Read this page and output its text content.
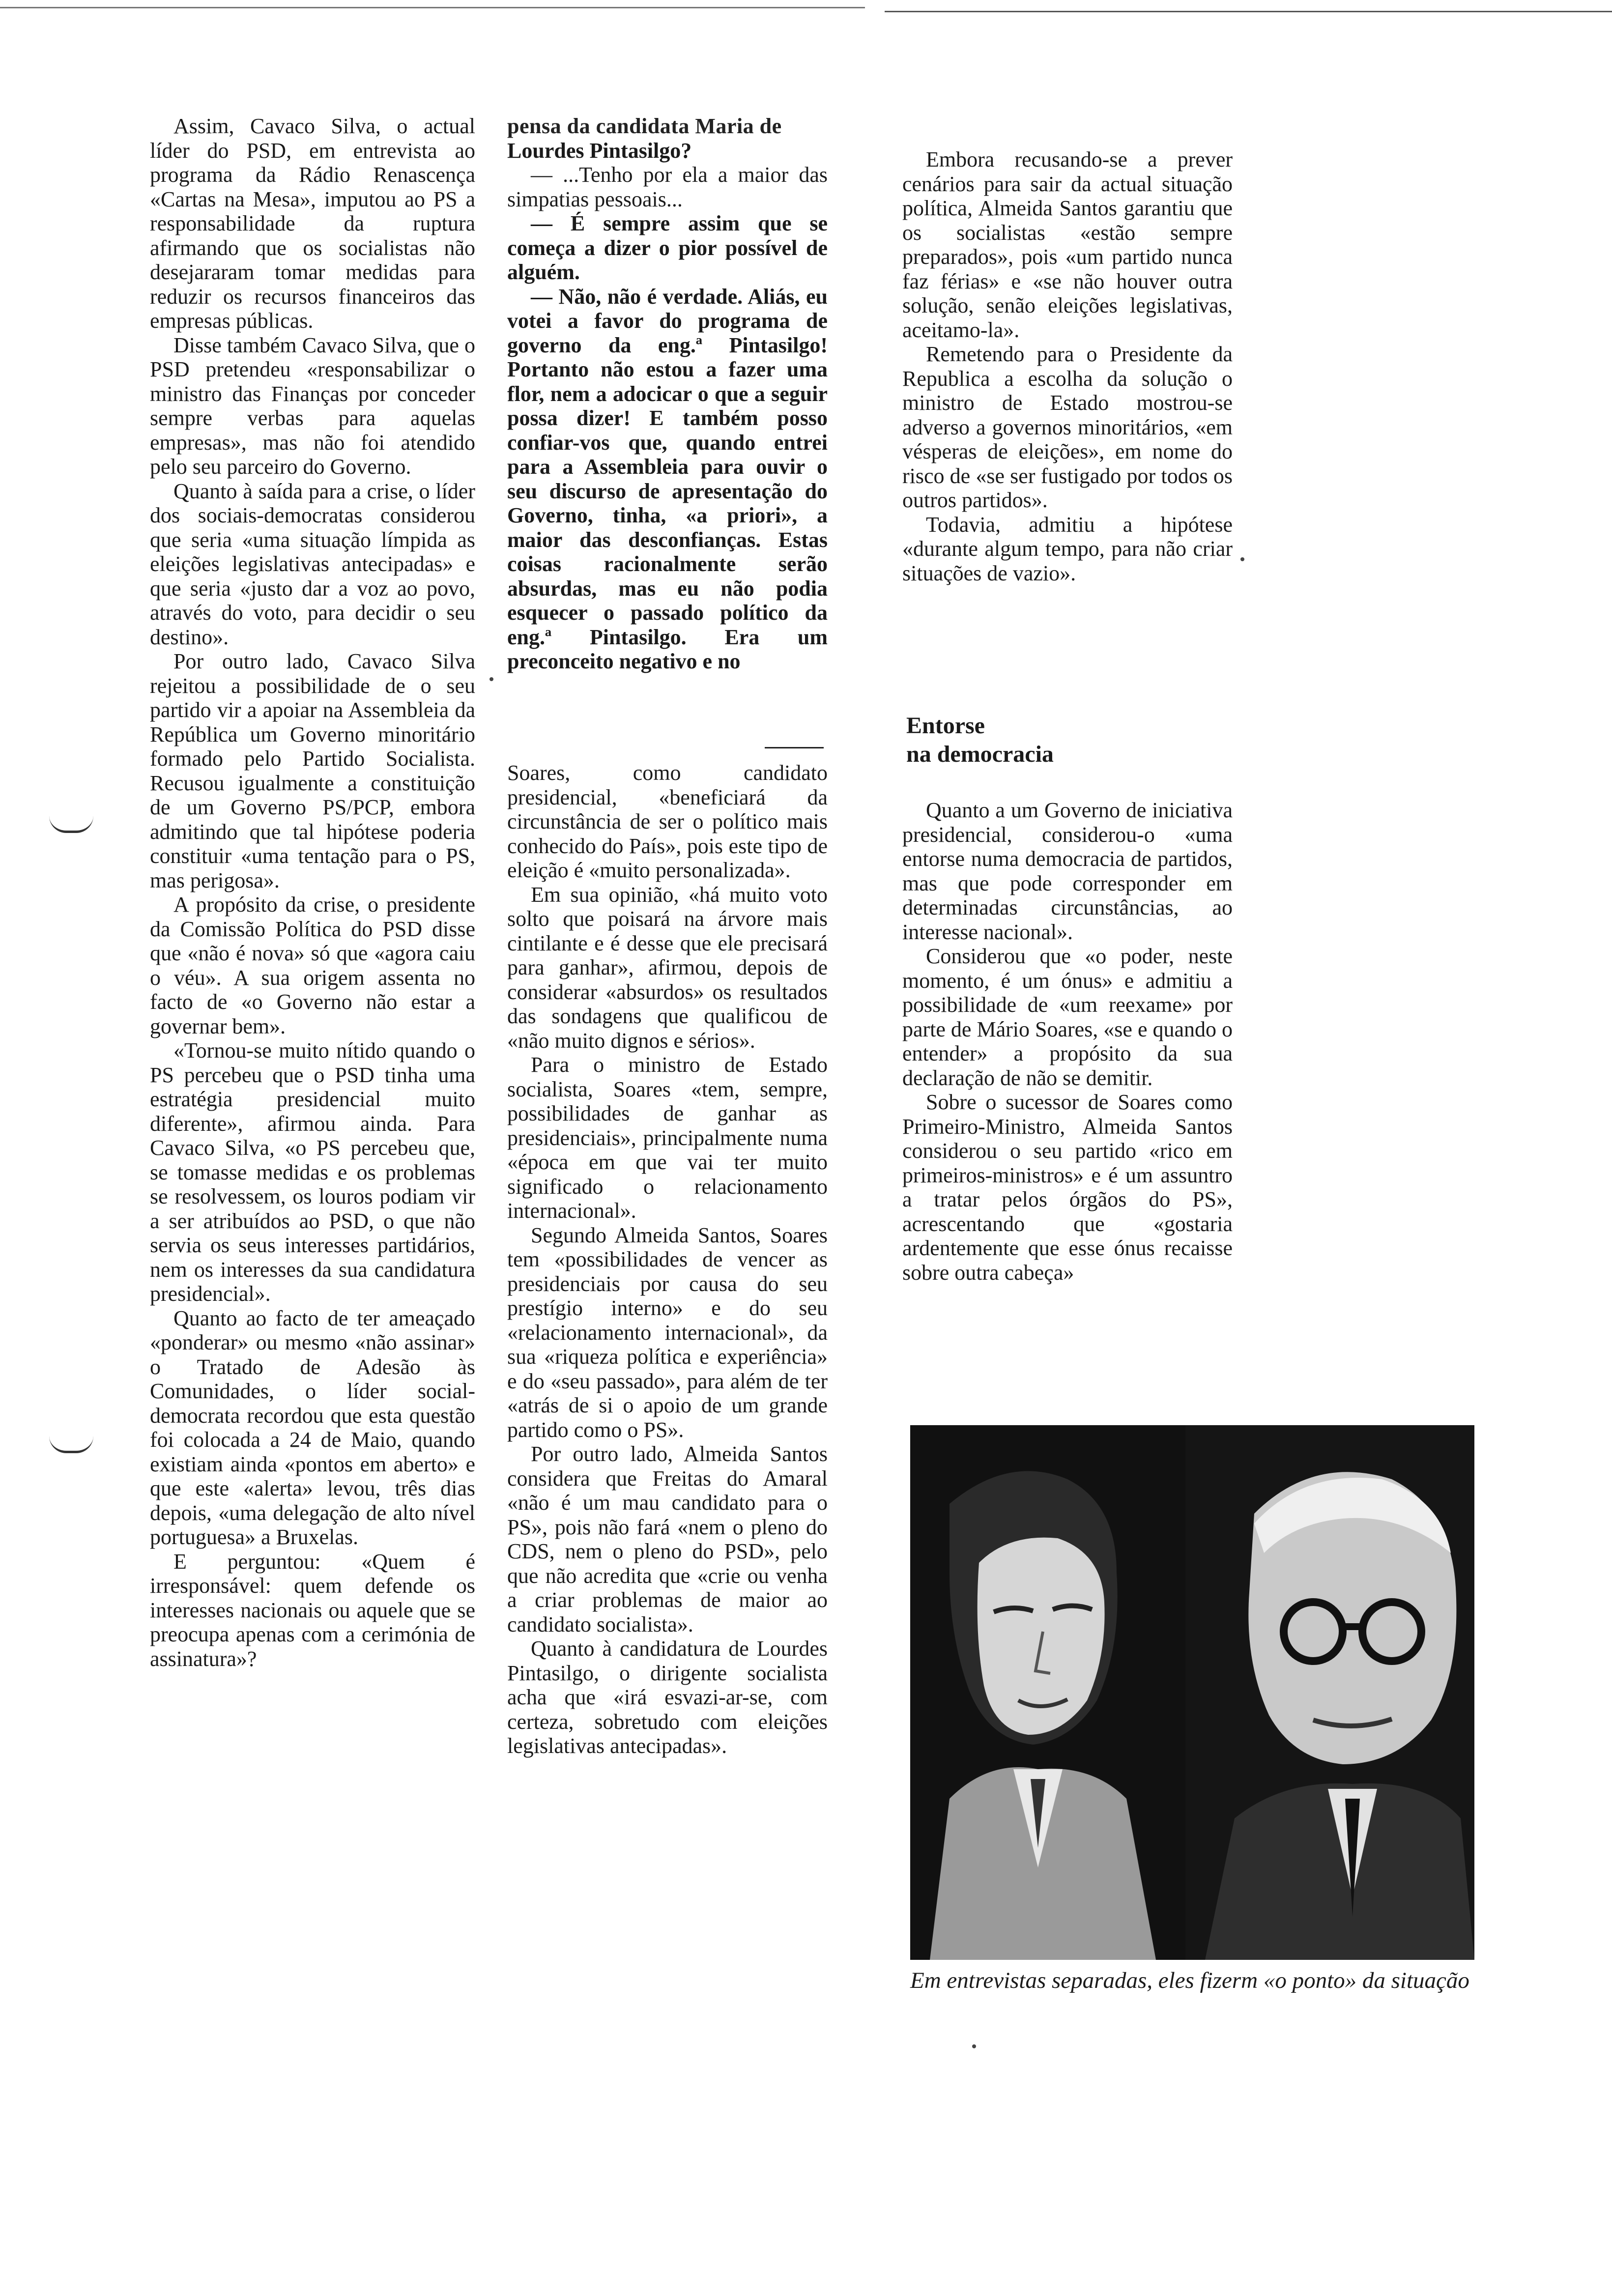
Assim, Cavaco Silva, o actual líder do PSD, em entrevista ao programa da Rádio Renascença «Cartas na Mesa», imputou ao PS a responsabilidade da ruptura afirmando que os socialistas não desejararam tomar medidas para reduzir os recursos financeiros das empresas públicas.

Disse também Cavaco Silva, que o PSD pretendeu «responsabilizar o ministro das Finanças por conceder sempre verbas para aquelas empresas», mas não foi atendido pelo seu parceiro do Governo.

Quanto à saída para a crise, o líder dos sociais-democratas considerou que seria «uma situação límpida as eleições legislativas antecipadas» e que seria «justo dar a voz ao povo, através do voto, para decidir o seu destino».

Por outro lado, Cavaco Silva rejeitou a possibilidade de o seu partido vir a apoiar na Assembleia da República um Governo minoritário formado pelo Partido Socialista. Recusou igualmente a constituição de um Governo PS/PCP, embora admitindo que tal hipótese poderia constituir «uma tentação para o PS, mas perigosa».

A propósito da crise, o presidente da Comissão Política do PSD disse que «não é nova» só que «agora caiu o véu». A sua origem assenta no facto de «o Governo não estar a governar bem».

«Tornou-se muito nítido quando o PS percebeu que o PSD tinha uma estratégia presidencial muito diferente», afirmou ainda. Para Cavaco Silva, «o PS percebeu que, se tomasse medidas e os problemas se resolvessem, os louros podiam vir a ser atribuídos ao PSD, o que não servia os seus interesses partidários, nem os interesses da sua candidatura presidencial».

Quanto ao facto de ter ameaçado «ponderar» ou mesmo «não assinar» o Tratado de Adesão às Comunidades, o líder social-democrata recordou que esta questão foi colocada a 24 de Maio, quando existiam ainda «pontos em aberto» e que este «alerta» levou, três dias depois, «uma delegação de alto nível portuguesa» a Bruxelas.

E perguntou: «Quem é irresponsável: quem defende os interesses nacionais ou aquele que se preocupa apenas com a cerimónia de assinatura»?

pensa da candidata Maria de

Lourdes Pintasilgo?

— ...Tenho por ela a maior das simpatias pessoais...

— É sempre assim que se começa a dizer o pior possível de alguém.

— Não, não é verdade. Aliás, eu votei a favor do programa de governo da eng.ª Pintasilgo! Portanto não estou a fazer uma flor, nem a adocicar o que a seguir possa dizer! E também posso confiar-vos que, quando entrei para a Assembleia para ouvir o seu discurso de apresentação do Governo, tinha, «a priori», a maior das desconfianças. Estas coisas racionalmente serão absurdas, mas eu não podia esquecer o passado político da eng.ª Pintasilgo. Era um preconceito negativo e no

Soares, como candidato presidencial, «beneficiará da circunstância de ser o político mais conhecido do País», pois este tipo de eleição é «muito personalizada».

Em sua opinião, «há muito voto solto que poisará na árvore mais cintilante e é desse que ele precisará para ganhar», afirmou, depois de considerar «absurdos» os resultados das sondagens que qualificou de «não muito dignos e sérios».

Para o ministro de Estado socialista, Soares «tem, sempre, possibilidades de ganhar as presidenciais», principalmente numa «época em que vai ter muito significado o relacionamento internacional».

Segundo Almeida Santos, Soares tem «possibilidades de vencer as presidenciais por causa do seu prestígio interno» e do seu «relacionamento internacional», da sua «riqueza política e experiência» e do «seu passado», para além de ter «atrás de si o apoio de um grande partido como o PS».

Por outro lado, Almeida Santos considera que Freitas do Amaral «não é um mau candidato para o PS», pois não fará «nem o pleno do CDS, nem o pleno do PSD», pelo que não acredita que «crie ou venha a criar problemas de maior ao candidato socialista».

Quanto à candidatura de Lourdes Pintasilgo, o dirigente socialista acha que «irá esvazi-ar-se, com certeza, sobretudo com eleições legislativas antecipadas».

Embora recusando-se a prever cenários para sair da actual situação política, Almeida Santos garantiu que os socialistas «estão sempre preparados», pois «um partido nunca faz férias» e «se não houver outra solução, senão eleições legislativas, aceitamo-la».

Remetendo para o Presidente da Republica a escolha da solução o ministro de Estado mostrou-se adverso a governos minoritários, «em vésperas de eleições», em nome do risco de «se ser fustigado por todos os outros partidos».

Todavia, admitiu a hipótese «durante algum tempo, para não criar situações de vazio».

Entorse
na democracia

Quanto a um Governo de iniciativa presidencial, considerou-o «uma entorse numa democracia de partidos, mas que pode corresponder em determinadas circunstâncias, ao interesse nacional».

Considerou que «o poder, neste momento, é um ónus» e admitiu a possibilidade de «um reexame» por parte de Mário Soares, «se e quando o entender» a propósito da sua declaração de não se demitir.

Sobre o sucessor de Soares como Primeiro-Ministro, Almeida Santos considerou o seu partido «rico em primeiros-ministros» e é um assuntro a tratar pelos órgãos do PS», acrescentando que «gostaria ardentemente que esse ónus recaisse sobre outra cabeça»

Em entrevistas separadas, eles fizerm «o ponto» da situação
